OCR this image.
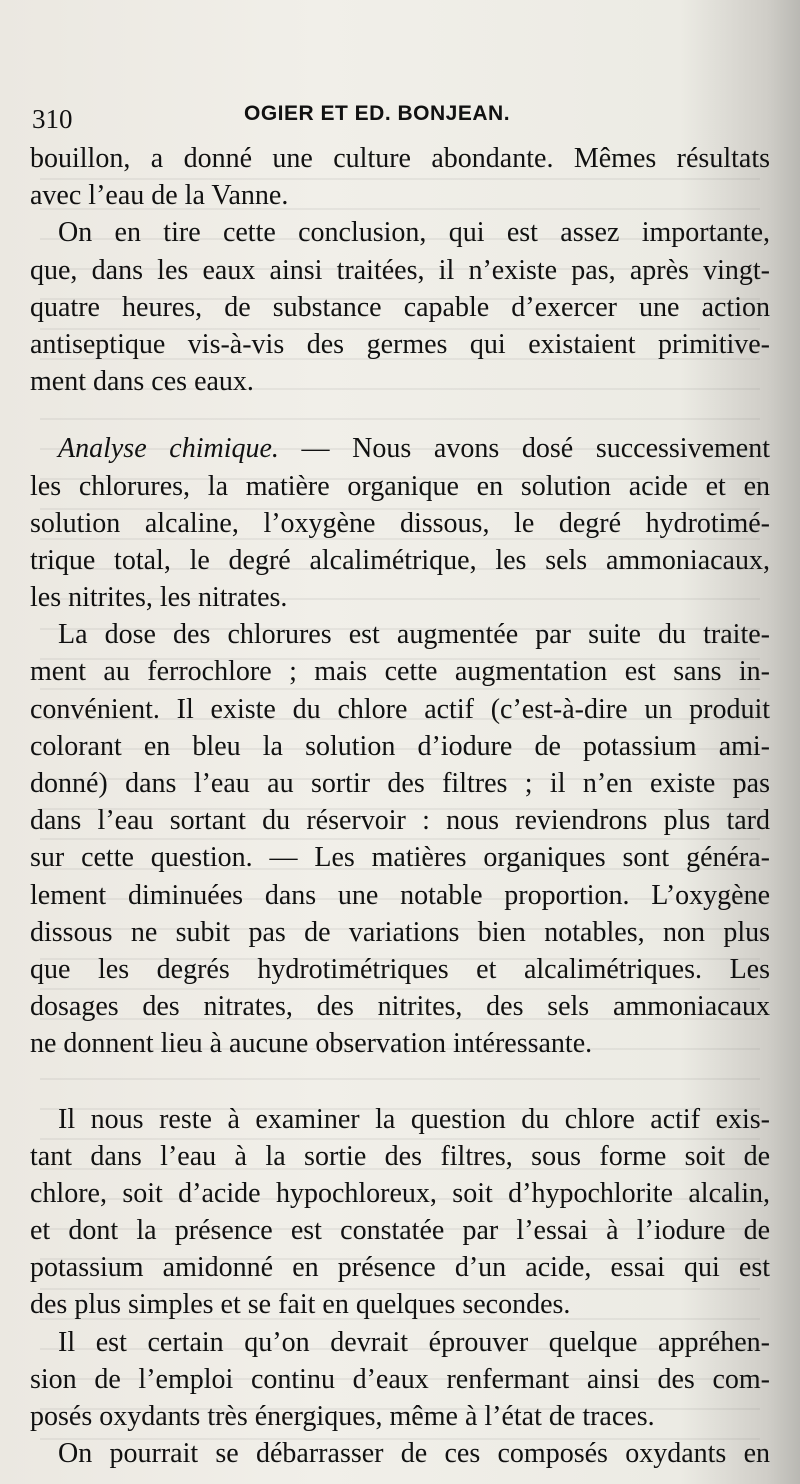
310	OGIER ET ED. BONJEAN.
bouillon, a donné une culture abondante. Mêmes résultats
avec l’eau de la Vanne.
On en tire cette conclusion, qui est assez importante,
que, dans les eaux ainsi traitées, il n’existe pas, après vingt-
quatre heures, de substance capable d’exercer une action
antiseptique vis-à-vis des germes qui existaient primitive-
ment dans ces eaux.
Analyse chimique. — Nous avons dosé successivement
les chlorures, la matière organique en solution acide et en
solution alcaline, l’oxygène dissous, le degré hydrotimé-
trique total, le degré alcalimétrique, les sels ammoniacaux,
les nitrites, les nitrates.
La dose des chlorures est augmentée par suite du traite-
ment au ferrochlore ; mais cette augmentation est sans in-
convénient. Il existe du chlore actif (c’est-à-dire un produit
colorant en bleu la solution d’iodure de potassium ami-
donné) dans l’eau au sortir des filtres ; il n’en existe pas
dans l’eau sortant du réservoir : nous reviendrons plus tard
sur cette question. — Les matières organiques sont généra-
lement diminuées dans une notable proportion. L’oxygène
dissous ne subit pas de variations bien notables, non plus
que les degrés hydrotimétriques et alcalimétriques. Les
dosages des nitrates, des nitrites, des sels ammoniacaux
ne donnent lieu à aucune observation intéressante.
Il nous reste à examiner la question du chlore actif exis-
tant dans l’eau à la sortie des filtres, sous forme soit de
chlore, soit d’acide hypochloreux, soit d’hypochlorite alcalin,
et dont la présence est constatée par l’essai à l’iodure de
potassium amidonné en présence d’un acide, essai qui est
des plus simples et se fait en quelques secondes.
Il est certain qu’on devrait éprouver quelque appréhen-
sion de l’emploi continu d’eaux renfermant ainsi des com-
posés oxydants très énergiques, même à l’état de traces.
On pourrait se débarrasser de ces composés oxydants en
